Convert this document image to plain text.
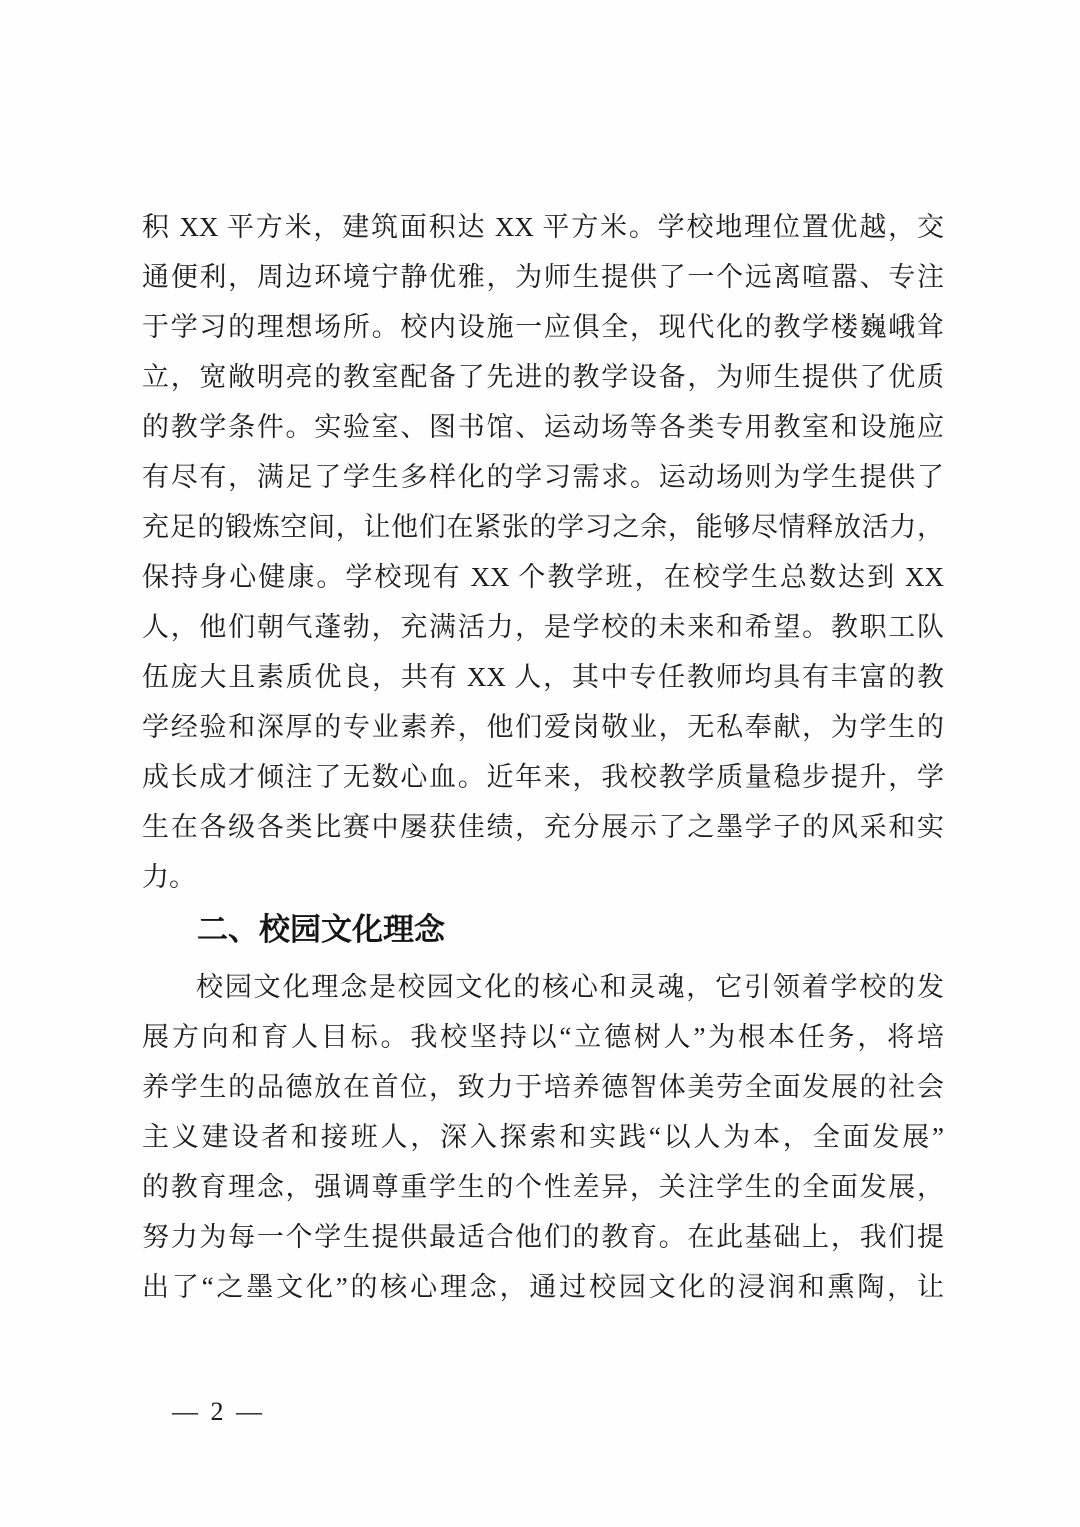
积 XX 平方米，建筑面积达 XX 平方米。学校地理位置优越，交
通便利，周边环境宁静优雅，为师生提供了一个远离喧嚣、专注
于学习的理想场所。校内设施一应俱全，现代化的教学楼巍峨耸
立，宽敞明亮的教室配备了先进的教学设备，为师生提供了优质
的教学条件。实验室、图书馆、运动场等各类专用教室和设施应
有尽有，满足了学生多样化的学习需求。运动场则为学生提供了
充足的锻炼空间，让他们在紧张的学习之余，能够尽情释放活力，
保持身心健康。学校现有 XX 个教学班，在校学生总数达到 XX
人，他们朝气蓬勃，充满活力，是学校的未来和希望。教职工队
伍庞大且素质优良，共有 XX 人，其中专任教师均具有丰富的教
学经验和深厚的专业素养，他们爱岗敬业，无私奉献，为学生的
成长成才倾注了无数心血。近年来，我校教学质量稳步提升，学
生在各级各类比赛中屡获佳绩，充分展示了之墨学子的风采和实
力。
二、校园文化理念
校园文化理念是校园文化的核心和灵魂，它引领着学校的发
展方向和育人目标。我校坚持以“立德树人”为根本任务，将培
养学生的品德放在首位，致力于培养德智体美劳全面发展的社会
主义建设者和接班人，深入探索和实践“以人为本，全面发展”
的教育理念，强调尊重学生的个性差异，关注学生的全面发展，
努力为每一个学生提供最适合他们的教育。在此基础上，我们提
出了“之墨文化”的核心理念，通过校园文化的浸润和熏陶，让
— 2 —
